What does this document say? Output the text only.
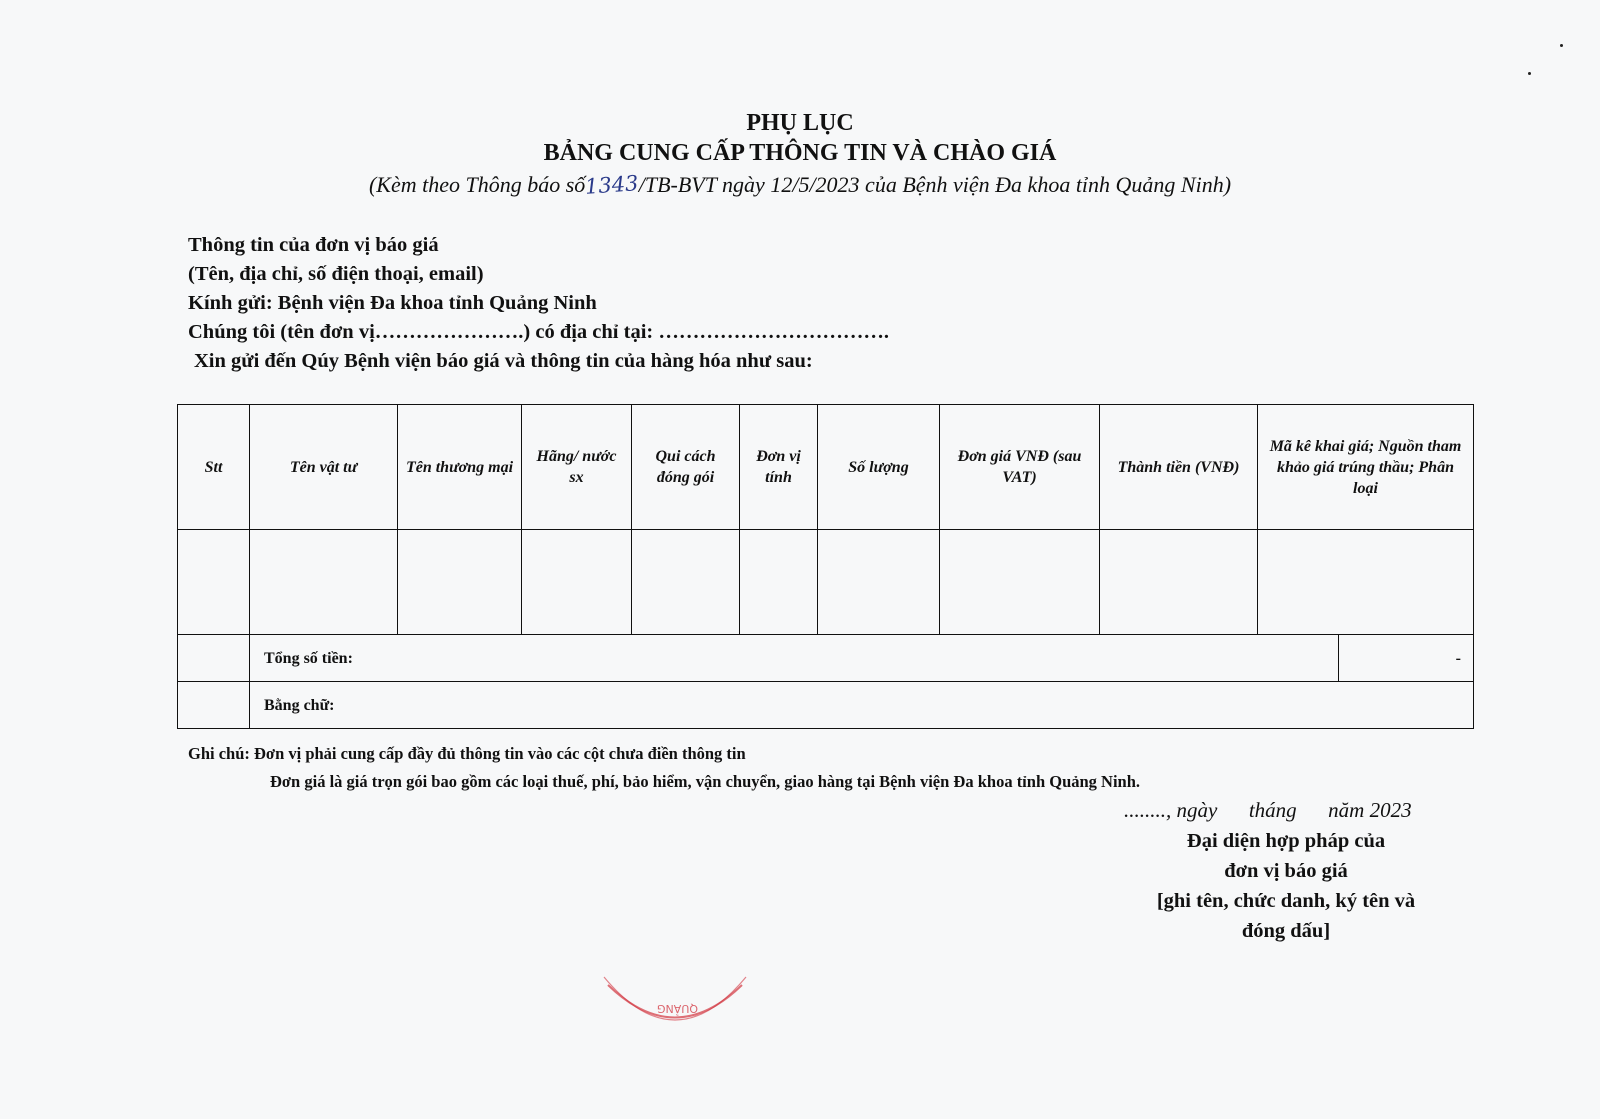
PHỤ LỤC
BẢNG CUNG CẤP THÔNG TIN VÀ CHÀO GIÁ
(Kèm theo Thông báo số1343/TB-BVT ngày 12/5/2023 của Bệnh viện Đa khoa tỉnh Quảng Ninh)
Thông tin của đơn vị báo giá
(Tên, địa chỉ, số điện thoại, email)
Kính gửi: Bệnh viện Đa khoa tỉnh Quảng Ninh
Chúng tôi (tên đơn vị………………….) có địa chỉ tại: …………………………….
Xin gửi đến Qúy Bệnh viện báo giá và thông tin của hàng hóa như sau:
Stt	Tên vật tư	Tên thương mại	Hãng/ nước sx	Qui cách đóng gói	Đơn vị tính	Số lượng	Đơn giá VNĐ (sau VAT)	Thành tiền (VNĐ)	Mã kê khai giá; Nguồn tham khảo giá trúng thầu; Phân loại	

	Tổng số tiền:									-
	Bằng chữ:									
Ghi chú: Đơn vị phải cung cấp đầy đủ thông tin vào các cột chưa điền thông tin
Đơn giá là giá trọn gói bao gồm các loại thuế, phí, bảo hiểm, vận chuyển, giao hàng tại Bệnh viện Đa khoa tỉnh Quảng Ninh.
........, ngày      tháng      năm 2023
Đại diện hợp pháp của
đơn vị báo giá
[ghi tên, chức danh, ký tên và
đóng dấu]
QUẢNG
